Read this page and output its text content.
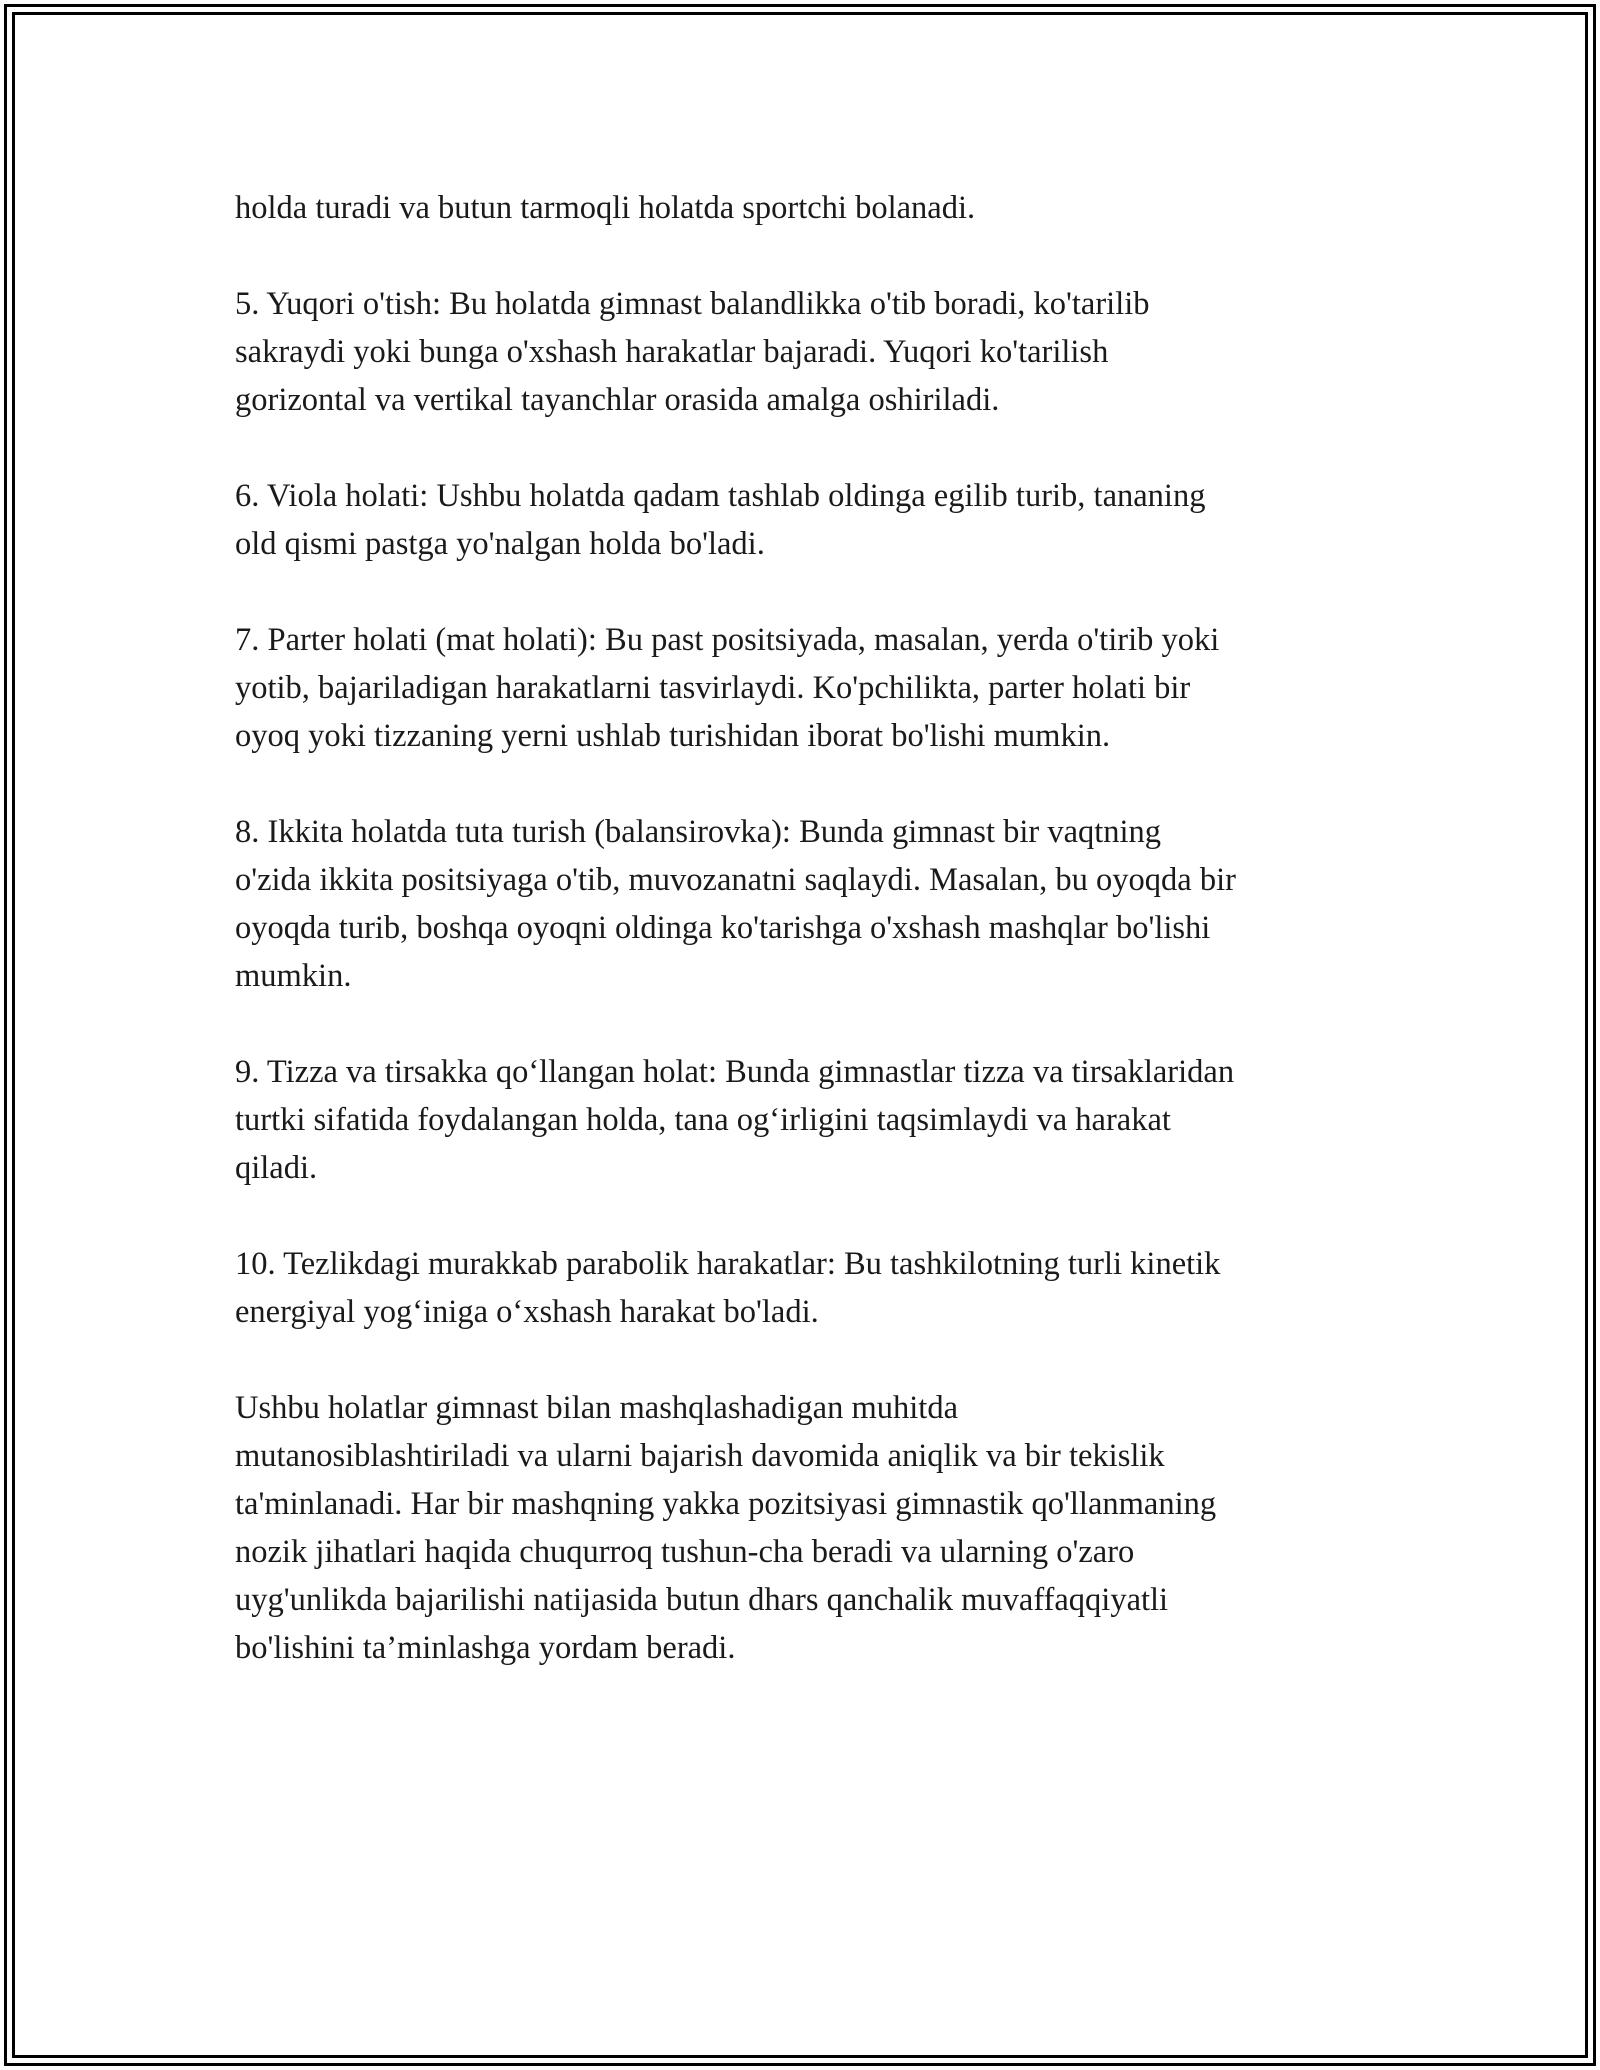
holda turadi va butun tarmoqli holatda sportchi bolanadi.

5. Yuqori o'tish: Bu holatda gimnast balandlikka o'tib boradi, ko'tarilib
sakraydi yoki bunga o'xshash harakatlar bajaradi. Yuqori ko'tarilish
gorizontal va vertikal tayanchlar orasida amalga oshiriladi.

6. Viola holati: Ushbu holatda qadam tashlab oldinga egilib turib, tananing
old qismi pastga yo'nalgan holda bo'ladi.

7. Parter holati (mat holati): Bu past positsiyada, masalan, yerda o'tirib yoki
yotib, bajariladigan harakatlarni tasvirlaydi. Ko'pchilikta, parter holati bir
oyoq yoki tizzaning yerni ushlab turishidan iborat bo'lishi mumkin.

8. Ikkita holatda tuta turish (balansirovka): Bunda gimnast bir vaqtning
o'zida ikkita positsiyaga o'tib, muvozanatni saqlaydi. Masalan, bu oyoqda bir
oyoqda turib, boshqa oyoqni oldinga ko'tarishga o'xshash mashqlar bo'lishi
mumkin.

9. Tizza va tirsakka qo‘llangan holat: Bunda gimnastlar tizza va tirsaklaridan
turtki sifatida foydalangan holda, tana og‘irligini taqsimlaydi va harakat
qiladi.

10. Tezlikdagi murakkab parabolik harakatlar: Bu tashkilotning turli kinetik
energiyal yog‘iniga o‘xshash harakat bo'ladi.

Ushbu holatlar gimnast bilan mashqlashadigan muhitda
mutanosiblashtiriladi va ularni bajarish davomida aniqlik va bir tekislik
ta'minlanadi. Har bir mashqning yakka pozitsiyasi gimnastik qo'llanmaning
nozik jihatlari haqida chuqurroq tushun-cha beradi va ularning o'zaro
uyg'unlikda bajarilishi natijasida butun dhars qanchalik muvaffaqqiyatli
bo'lishini ta’minlashga yordam beradi.
